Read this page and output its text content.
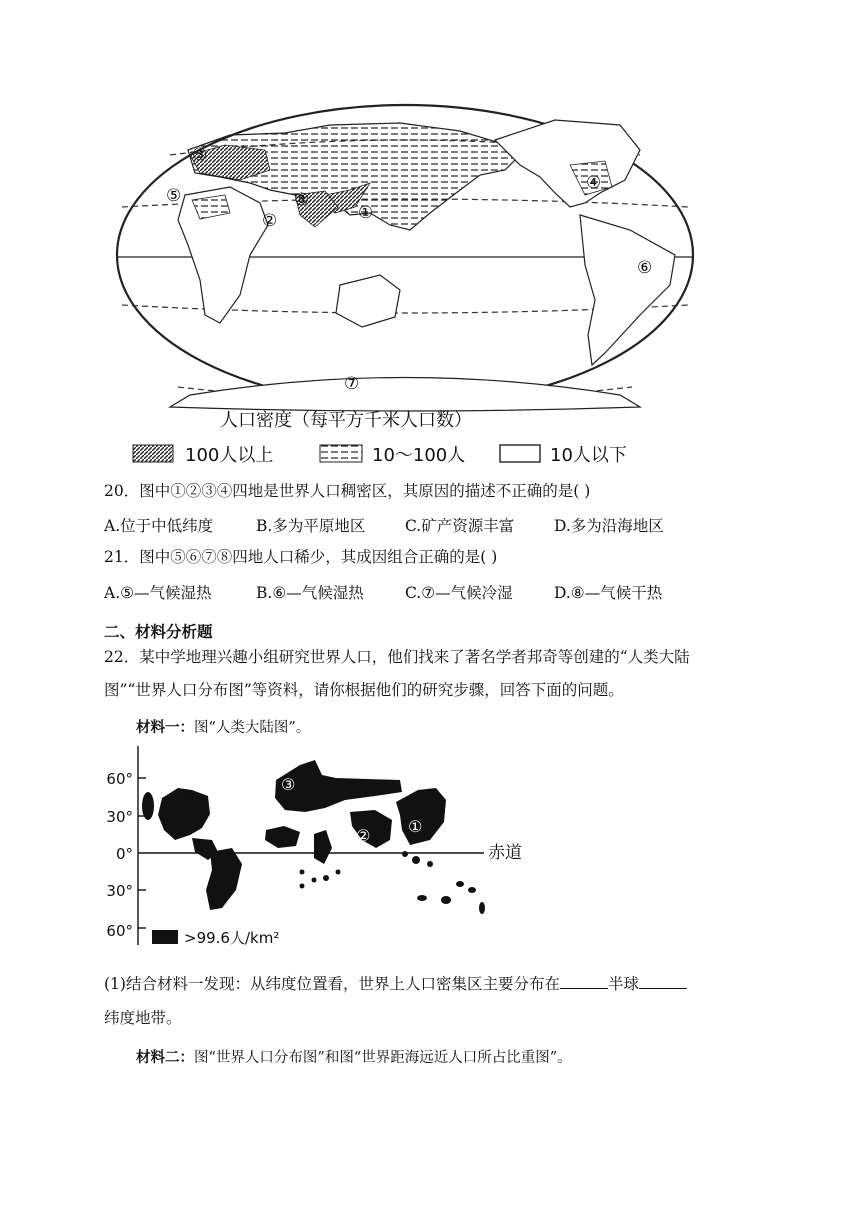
①
②
③
④
⑤
⑥
⑦
⑧
人口密度（每平方千米人口数）
100人以上	10～100人	10人以下
20．图中①②③④四地是世界人口稠密区，其原因的描述不正确的是( )
A.位于中低纬度	B.多为平原地区	C.矿产资源丰富	D.多为沿海地区
21．图中⑤⑥⑦⑧四地人口稀少，其成因组合正确的是( )
A.⑤—气候湿热	B.⑥—气候湿热	C.⑦—气候冷湿	D.⑧—气候干热
二、材料分析题
22．某中学地理兴趣小组研究世界人口，他们找来了著名学者邦奇等创建的“人类大陆
图”“世界人口分布图”等资料，请你根据他们的研究步骤，回答下面的问题。
材料一：图“人类大陆图”。
60°
30°
0°
30°
60°
赤道
①
②
③
④
>99.6人/km²
(1)结合材料一发现：从纬度位置看，世界上人口密集区主要分布在	半球
纬度地带。
材料二：图“世界人口分布图”和图“世界距海远近人口所占比重图”。
